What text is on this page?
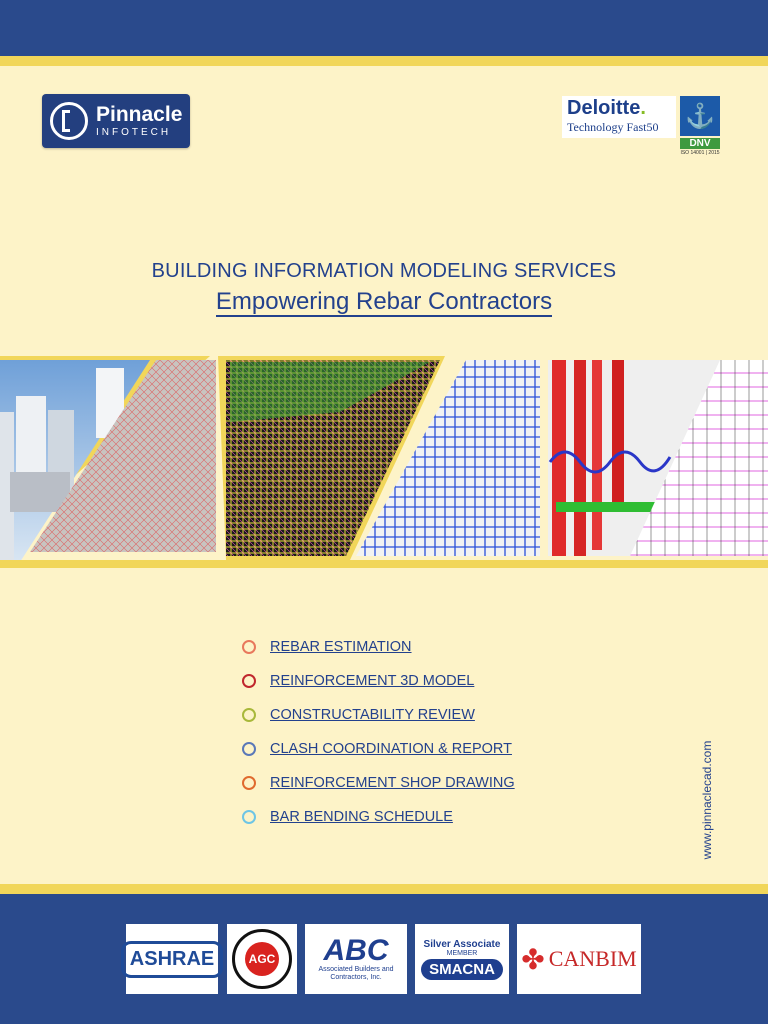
Pinnacle
INFOTECH
Deloitte.
Technology Fast50	⚓
DNV
ISO 14001 | 2015
BUILDING INFORMATION MODELING SERVICES
Empowering Rebar Contractors
REBAR ESTIMATION
REINFORCEMENT 3D MODEL
CONSTRUCTABILITY REVIEW
CLASH COORDINATION & REPORT
REINFORCEMENT SHOP DRAWING
BAR BENDING SCHEDULE	www.pinnaclecad.com
ASHRAE	AGC ABC
Associated Builders and Contractors, Inc.
Silver Associate
MEMBER
SMACNA ✤ CANBIM
